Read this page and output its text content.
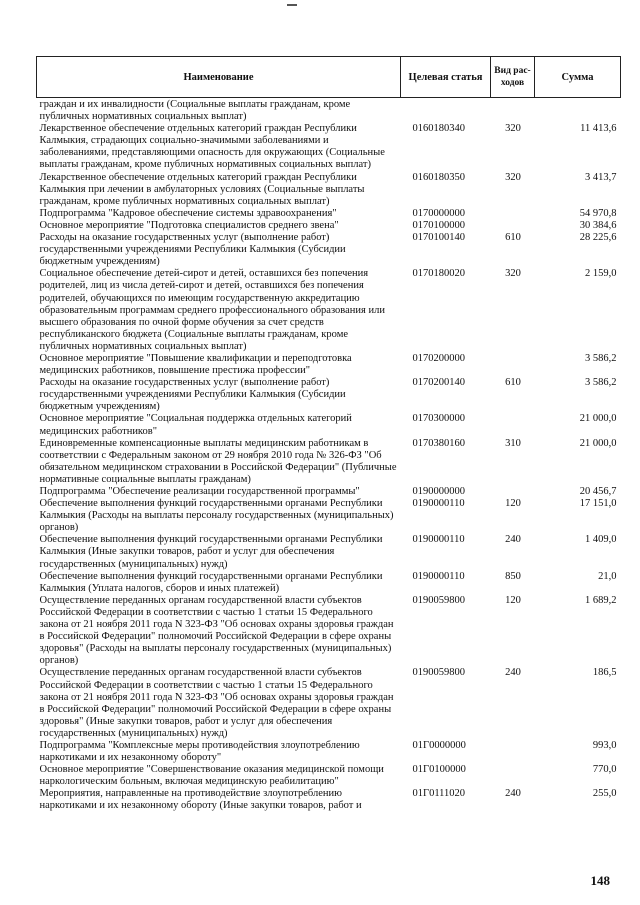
Наименование	Целевая статья	Вид рас-ходов	Сумма
граждан и их инвалидности (Социальные выплаты гражданам, кроме публичных нормативных социальных выплат)			
Лекарственное обеспечение отдельных категорий граждан Республики Калмыкия, страдающих социально-значимыми заболеваниями и заболеваниями, представляющими опасность для окружающих (Социальные выплаты гражданам, кроме публичных нормативных социальных выплат)	0160180340	320	11 413,6
Лекарственное обеспечение отдельных категорий граждан Республики Калмыкия при лечении в амбулаторных условиях (Социальные выплаты гражданам, кроме публичных нормативных социальных выплат)	0160180350	320	3 413,7
Подпрограмма "Кадровое обеспечение системы здравоохранения"	0170000000		54 970,8
Основное мероприятие "Подготовка специалистов среднего звена"	0170100000		30 384,6
Расходы на оказание государственных услуг (выполнение работ) государственными учреждениями Республики Калмыкия (Субсидии бюджетным учреждениям)	0170100140	610	28 225,6
Социальное обеспечение детей-сирот и детей, оставшихся без попечения родителей, лиц из числа детей-сирот и детей, оставшихся без попечения родителей, обучающихся по имеющим государственную аккредитацию образовательным программам среднего профессионального образования или высшего образования по очной форме обучения за счет средств республиканского бюджета (Социальные выплаты гражданам, кроме публичных нормативных социальных выплат)	0170180020	320	2 159,0
Основное мероприятие "Повышение квалификации и переподготовка медицинских работников, повышение престижа профессии"	0170200000		3 586,2
Расходы на оказание государственных услуг (выполнение работ) государственными учреждениями Республики Калмыкия (Субсидии бюджетным учреждениям)	0170200140	610	3 586,2
Основное мероприятие "Социальная поддержка отдельных категорий медицинских работников"	0170300000		21 000,0
Единовременные компенсационные выплаты медицинским работникам в соответствии с Федеральным законом от 29 ноября 2010 года № 326-ФЗ "Об обязательном медицинском страховании в Российской Федерации" (Публичные нормативные социальные выплаты гражданам)	0170380160	310	21 000,0
Подпрограмма "Обеспечение реализации государственной программы"	0190000000		20 456,7
Обеспечение выполнения функций государственными органами Республики Калмыкия (Расходы на выплаты персоналу государственных (муниципальных) органов)	0190000110	120	17 151,0
Обеспечение выполнения функций государственными органами Республики Калмыкия (Иные закупки товаров, работ и услуг для обеспечения государственных (муниципальных) нужд)	0190000110	240	1 409,0
Обеспечение выполнения функций государственными органами Республики Калмыкия (Уплата налогов, сборов и иных платежей)	0190000110	850	21,0
Осуществление переданных органам государственной власти субъектов Российской Федерации в соответствии с частью 1 статьи 15 Федерального закона от 21 ноября 2011 года N 323-ФЗ "Об основах охраны здоровья граждан в Российской Федерации" полномочий Российской Федерации в сфере охраны здоровья" (Расходы на выплаты персоналу государственных (муниципальных) органов)	0190059800	120	1 689,2
Осуществление переданных органам государственной власти субъектов Российской Федерации в соответствии с частью 1 статьи 15 Федерального закона от 21 ноября 2011 года N 323-ФЗ "Об основах охраны здоровья граждан в Российской Федерации" полномочий Российской Федерации в сфере охраны здоровья" (Иные закупки товаров, работ и услуг для обеспечения государственных (муниципальных) нужд)	0190059800	240	186,5
Подпрограмма "Комплексные меры противодействия злоупотреблению наркотиками и их незаконному обороту"	01Г0000000		993,0
Основное мероприятие "Совершенствование оказания медицинской помощи наркологическим больным, включая медицинскую реабилитацию"	01Г0100000		770,0
Мероприятия, направленные на противодействие злоупотреблению наркотиками и их незаконному обороту (Иные закупки товаров, работ и	01Г0111020	240	255,0
148
